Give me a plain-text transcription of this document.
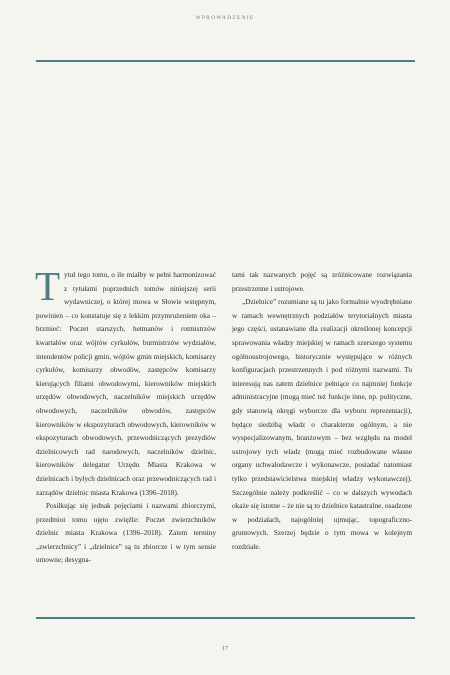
WPROWADZENIE

Tytuł tego tomu, o ile miałby w pełni harmonizować z tytułami poprzednich tomów niniejszej serii wydawniczej, o której mowa w Słowie wstępnym, powinien – co konstatuje się z lekkim przymrużeniem oka – brzmieć: Poczet starszych, hetmanów i rotmistrzów kwartałów oraz wójtów cyrkułów, burmistrzów wydziałów, intendentów policji gmin, wójtów gmin miejskich, komisarzy cyrkułów, komisarzy obwodów, zastępców komisarzy kierujących filiami obwodowymi, kierowników miejskich urzędów obwodowych, naczelników miejskich urzędów obwodowych, naczelników obwodów, zastępców kierowników w ekspozyturach obwodowych, kierowników w ekspozyturach obwodowych, przewodniczących prezydiów dzielnicowych rad narodowych, naczelników dzielnic, kierowników delegatur Urzędu Miasta Krakowa w dzielnicach i byłych dzielnicach oraz przewodniczących rad i zarządów dzielnic miasta Krakowa (1396–2018).

Posiłkując się jednak pojęciami i nazwami zbiorczymi, przedmiot tomu ujęto zwięźle: Poczet zwierzchników dzielnic miasta Krakowa (1396–2018). Zatem terminy „zwierzchnicy” i „dzielnice” są tu zbiorcze i w tym sensie umowne; desygna-

tami tak nazwanych pojęć są zróżnicowane rozwiązania przestrzenne i ustrojowe.

„Dzielnice” rozumiane są tu jako formalnie wyodrębniane w ramach wewnętrznych podziałów terytorialnych miasta jego części, ustanawiane dla realizacji określonej koncepcji sprawowania władzy miejskiej w ramach szerszego systemu ogólnoustrojowego, historycznie występujące w różnych konfiguracjach przestrzennych i pod różnymi nazwami. Tu interesują nas zatem dzielnice pełniące co najmniej funkcje administracyjne (mogą mieć też funkcje inne, np. polityczne, gdy stanowią okręgi wyborcze dla wyboru reprezentacji), będące siedzibą władz o charakterze ogólnym, a nie wyspecjalizowanym, branżowym – bez względu na model ustrojowy tych władz (mogą mieć rozbudowane własne organy uchwałodawcze i wykonawcze, posiadać natomiast tylko przedstawicielstwa miejskiej władzy wykonawczej). Szczególnie należy podkreślić – co w dalszych wywodach okaże się istotne – że nie są to dzielnice katastralne, osadzone w podziałach, najogólniej ujmując, topograficzno-gruntowych. Szerzej będzie o tym mowa w kolejnym rozdziale.

17
